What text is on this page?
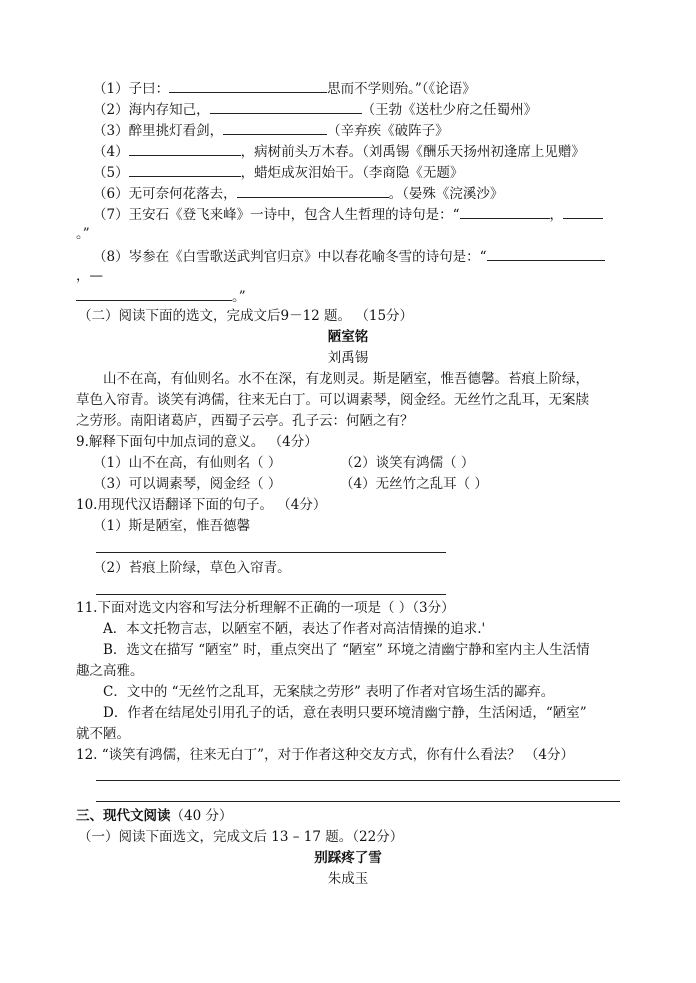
（1）子曰：	思而不学则殆。”（《论语》
（2）海内存知己，	（王勃《送杜少府之任蜀州》
（3）醉里挑灯看剑，	（辛弃疾《破阵子》
（4）	，病树前头万木春。（刘禹锡《酬乐天扬州初逢席上见赠》
（5）	，蜡炬成灰泪始干。（李商隐《无题》
（6）无可奈何花落去，	。（晏殊《浣溪沙》
（7）王安石《登飞来峰》一诗中，包含人生哲理的诗句是：“	，
。”
（8）岑参在《白雪歌送武判官归京》中以春花喻冬雪的诗句是：“
，—
。”
（二）阅读下面的选文，完成文后9－12 题。 （15分）
陋室铭
刘禹锡
山不在高，有仙则名。水不在深，有龙则灵。斯是陋室，惟吾德馨。苔痕上阶绿，
草色入帘青。谈笑有鸿儒，往来无白丁。可以调素琴，阅金经。无丝竹之乱耳，无案牍
之劳形。南阳诸葛庐，西蜀子云亭。孔子云：何陋之有？
9.解释下面句中加点词的意义。 （4分）
（1）山不在高，有仙则名（ ）	（2）谈笑有鸿儒（ ）
（3）可以调素琴，阅金经（ ）	（4）无丝竹之乱耳（ ）
10.用现代汉语翻译下面的句子。 （4分）
（1）斯是陋室，惟吾德馨
（2）苔痕上阶绿，草色入帘青。
11.下面对选文内容和写法分析理解不正确的一项是（ ）（3分）
A．本文托物言志，以陋室不陋，表达了作者对高洁情操的追求.'
B．选文在描写 “陋室” 时，重点突出了 “陋室” 环境之清幽宁静和室内主人生活情
趣之高雅。
C．文中的 “无丝竹之乱耳，无案牍之劳形” 表明了作者对官场生活的鄙弃。
D．作者在结尾处引用孔子的话，意在表明只要环境清幽宁静，生活闲适，“陋室”
就不陋。
12. “谈笑有鸿儒，往来无白丁”，对于作者这种交友方式，你有什么看法？ （4分）
三、现代文阅读（40 分）
（一）阅读下面选文，完成文后 13 – 17 题。（22分）
别踩疼了雪
朱成玉
